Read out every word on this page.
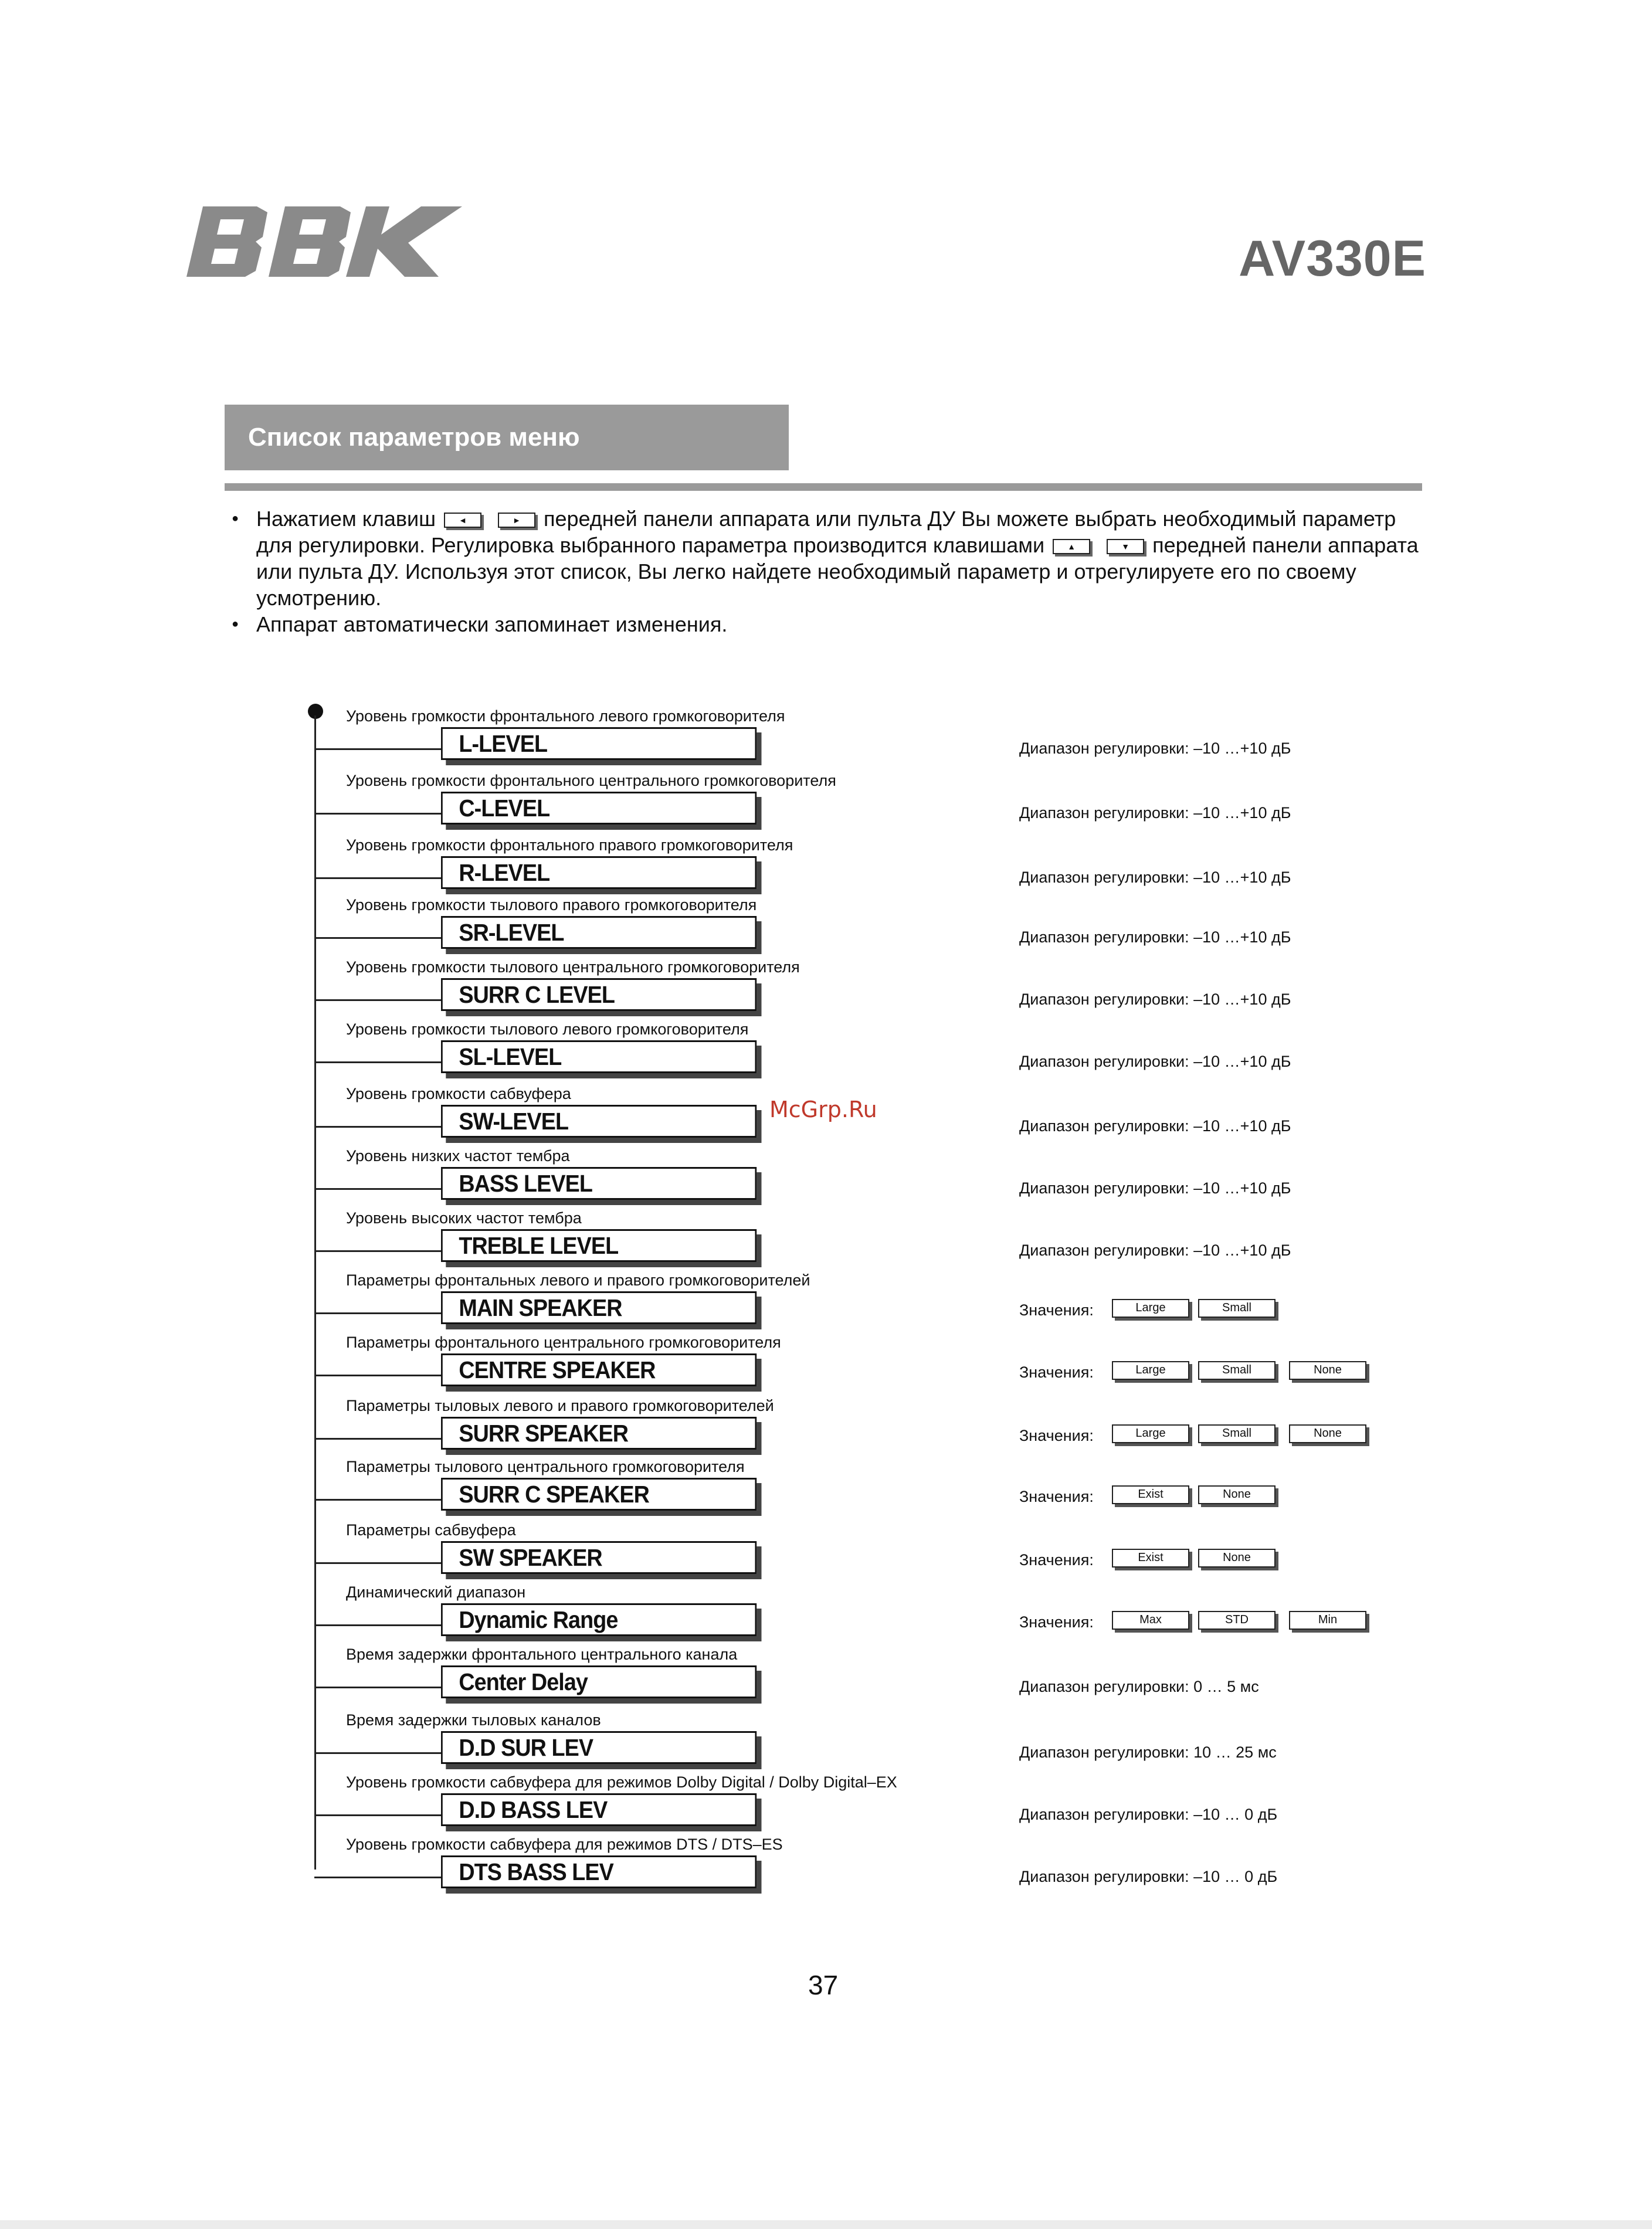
AV330E
Список параметров меню

● Нажатием клавиш	◄	► передней панели аппарата или пульта ДУ Вы можете выбрать необходимый параметр для регулировки. Регулировка выбранного параметра производится клавишами	▲	▼ передней панели аппарата или пульта ДУ. Используя этот список, Вы легко найдете необходимый параметр и отрегулируете его по своему усмотрению.

● Аппарат автоматически запоминает изменения.

Уровень громкости фронтального левого громкоговорителя
L-LEVEL	Диапазон регулировки: –10 …+10 дБ
Уровень громкости фронтального центрального громкоговорителя
C-LEVEL	Диапазон регулировки: –10 …+10 дБ
Уровень громкости фронтального правого громкоговорителя
R-LEVEL	Диапазон регулировки: –10 …+10 дБ
Уровень громкости тылового правого громкоговорителя
SR-LEVEL	Диапазон регулировки: –10 …+10 дБ
Уровень громкости тылового центрального громкоговорителя
SURR C LEVEL	Диапазон регулировки: –10 …+10 дБ
Уровень громкости тылового левого громкоговорителя
SL-LEVEL	Диапазон регулировки: –10 …+10 дБ
Уровень громкости сабвуфера
SW-LEVEL	Диапазон регулировки: –10 …+10 дБ
Уровень низких частот тембра
BASS LEVEL	Диапазон регулировки: –10 …+10 дБ
Уровень высоких частот тембра
TREBLE LEVEL	Диапазон регулировки: –10 …+10 дБ
Параметры фронтальных левого и правого громкоговорителей
MAIN SPEAKER	Значения:	Large	Small
Параметры фронтального центрального громкоговорителя
CENTRE SPEAKER	Значения:	Large	Small	None
Параметры тыловых левого и правого громкоговорителей
SURR SPEAKER	Значения:	Large	Small	None
Параметры тылового центрального громкоговорителя
SURR C SPEAKER	Значения:	Exist	None
Параметры сабвуфера
SW SPEAKER	Значения:	Exist	None
Динамический диапазон
Dynamic Range	Значения:	Max	STD	Min
Время задержки фронтального центрального канала
Center Delay	Диапазон регулировки: 0 … 5 мс
Время задержки тыловых каналов
D.D SUR LEV	Диапазон регулировки: 10 … 25 мс
Уровень громкости сабвуфера для режимов Dolby Digital / Dolby Digital–EX
D.D BASS LEV	Диапазон регулировки: –10 … 0 дБ
Уровень громкости сабвуфера для режимов DTS / DTS–ES
DTS BASS LEV	Диапазон регулировки: –10 … 0 дБ
McGrp.Ru
37
